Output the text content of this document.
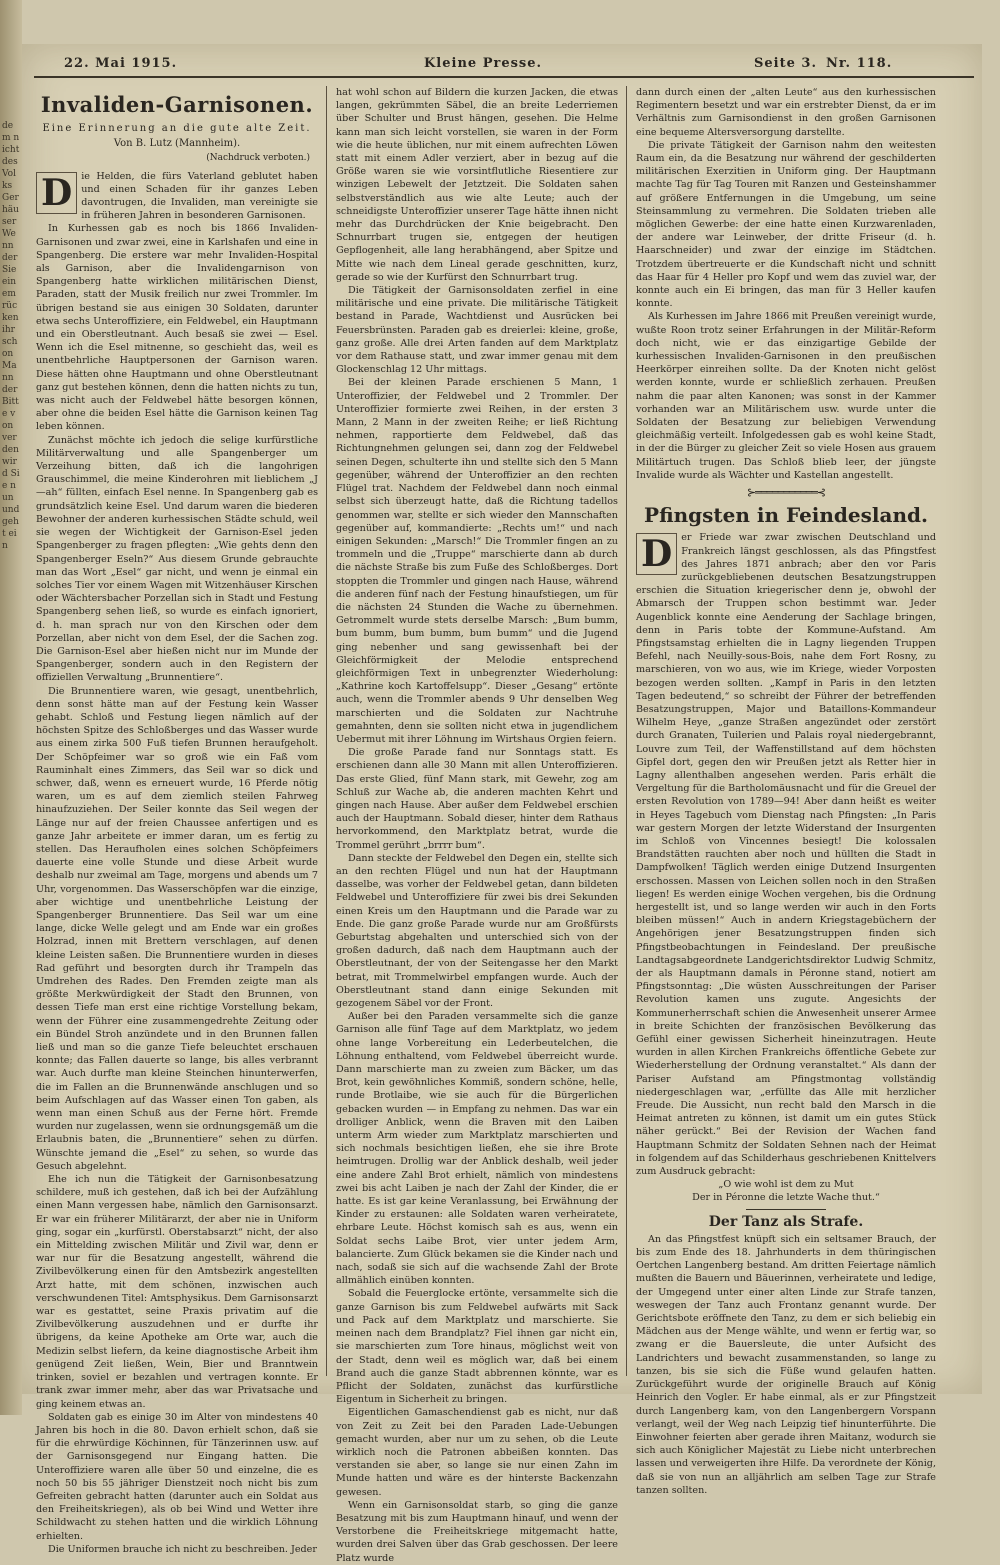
dem nicht des Volks Gerhäuser Wenn der Sie einem rücken ihr schon Mann der Bitte von verden wird Sie nun und geht ein
22. Mai 1915.	Kleine Presse.	Seite 3. Nr. 118.
Invaliden-Garnisonen.
Eine Erinnerung an die gute alte Zeit.
Von B. Lutz (Mannheim).
(Nachdruck verboten.)

D ie Helden, die fürs Vaterland geblutet haben und einen Schaden für ihr ganzes Leben davontrugen, die Invaliden, man vereinigte sie in früheren Jahren in besonderen Garnisonen.

In Kurhessen gab es noch bis 1866 Invaliden-Garnisonen und zwar zwei, eine in Karlshafen und eine in Spangenberg. Die erstere war mehr Invaliden-Hospital als Garnison, aber die Invalidengarnison von Spangenberg hatte wirklichen militärischen Dienst, Paraden, statt der Musik freilich nur zwei Trommler. Im übrigen bestand sie aus einigen 30 Soldaten, darunter etwa sechs Unteroffiziere, ein Feldwebel, ein Hauptmann und ein Oberstleutnant. Auch besaß sie zwei — Esel. Wenn ich die Esel mitnenne, so geschieht das, weil es unentbehrliche Hauptpersonen der Garnison waren. Diese hätten ohne Hauptmann und ohne Oberstleutnant ganz gut bestehen können, denn die hatten nichts zu tun, was nicht auch der Feldwebel hätte besorgen können, aber ohne die beiden Esel hätte die Garnison keinen Tag leben können.

Zunächst möchte ich jedoch die selige kurfürstliche Militärverwaltung und alle Spangenberger um Verzeihung bitten, daß ich die langohrigen Grauschimmel, die meine Kinderohren mit lieblichem „J—ah“ füllten, einfach Esel nenne. In Spangenberg gab es grundsätzlich keine Esel. Und darum waren die biederen Bewohner der anderen kurhessischen Städte schuld, weil sie wegen der Wichtigkeit der Garnison-Esel jeden Spangenberger zu fragen pflegten: „Wie gehts denn den Spangenberger Eseln?“ Aus diesem Grunde gebrauchte man das Wort „Esel“ gar nicht, und wenn je einmal ein solches Tier vor einem Wagen mit Witzenhäuser Kirschen oder Wächtersbacher Porzellan sich in Stadt und Festung Spangenberg sehen ließ, so wurde es einfach ignoriert, d. h. man sprach nur von den Kirschen oder dem Porzellan, aber nicht von dem Esel, der die Sachen zog. Die Garnison-Esel aber hießen nicht nur im Munde der Spangenberger, sondern auch in den Registern der offiziellen Verwaltung „Brunnentiere“.

Die Brunnentiere waren, wie gesagt, unentbehrlich, denn sonst hätte man auf der Festung kein Wasser gehabt. Schloß und Festung liegen nämlich auf der höchsten Spitze des Schloßberges und das Wasser wurde aus einem zirka 500 Fuß tiefen Brunnen heraufgeholt. Der Schöpfeimer war so groß wie ein Faß vom Rauminhalt eines Zimmers, das Seil war so dick und schwer, daß, wenn es erneuert wurde, 16 Pferde nötig waren, um es auf dem ziemlich steilen Fahrweg hinaufzuziehen. Der Seiler konnte das Seil wegen der Länge nur auf der freien Chaussee anfertigen und es ganze Jahr arbeitete er immer daran, um es fertig zu stellen. Das Heraufholen eines solchen Schöpfeimers dauerte eine volle Stunde und diese Arbeit wurde deshalb nur zweimal am Tage, morgens und abends um 7 Uhr, vorgenommen. Das Wasserschöpfen war die einzige, aber wichtige und unentbehrliche Leistung der Spangenberger Brunnentiere. Das Seil war um eine lange, dicke Welle gelegt und am Ende war ein großes Holzrad, innen mit Brettern verschlagen, auf denen kleine Leisten saßen. Die Brunnentiere wurden in dieses Rad geführt und besorgten durch ihr Trampeln das Umdrehen des Rades. Den Fremden zeigte man als größte Merkwürdigkeit der Stadt den Brunnen, von dessen Tiefe man erst eine richtige Vorstellung bekam, wenn der Führer eine zusammengedrehte Zeitung oder ein Bündel Stroh anzündete und in den Brunnen fallen ließ und man so die ganze Tiefe beleuchtet erschauen konnte; das Fallen dauerte so lange, bis alles verbrannt war. Auch durfte man kleine Steinchen hinunterwerfen, die im Fallen an die Brunnenwände anschlugen und so beim Aufschlagen auf das Wasser einen Ton gaben, als wenn man einen Schuß aus der Ferne hört. Fremde wurden nur zugelassen, wenn sie ordnungsgemäß um die Erlaubnis baten, die „Brunnentiere“ sehen zu dürfen. Wünschte jemand die „Esel“ zu sehen, so wurde das Gesuch abgelehnt.

Ehe ich nun die Tätigkeit der Garnisonbesatzung schildere, muß ich gestehen, daß ich bei der Aufzählung einen Mann vergessen habe, nämlich den Garnisonsarzt. Er war ein früherer Militärarzt, der aber nie in Uniform ging, sogar ein „kurfürstl. Oberstabsarzt“ nicht, der also ein Mittelding zwischen Militär und Zivil war, denn er war nur für die Besatzung angestellt, während die Zivilbevölkerung einen für den Amtsbezirk angestellten Arzt hatte, mit dem schönen, inzwischen auch verschwundenen Titel: Amtsphysikus. Dem Garnisonsarzt war es gestattet, seine Praxis privatim auf die Zivilbevölkerung auszudehnen und er durfte ihr übrigens, da keine Apotheke am Orte war, auch die Medizin selbst liefern, da keine diagnostische Arbeit ihm genügend Zeit ließen, Wein, Bier und Branntwein trinken, soviel er bezahlen und vertragen konnte. Er trank zwar immer mehr, aber das war Privatsache und ging keinem etwas an.

Soldaten gab es einige 30 im Alter von mindestens 40 Jahren bis hoch in die 80. Davon erhielt schon, daß sie für die ehrwürdige Köchinnen, für Tänzerinnen usw. auf der Garnisonsgegend nur Eingang hatten. Die Unteroffiziere waren alle über 50 und einzelne, die es noch 50 bis 55 jähriger Dienstzeit noch nicht bis zum Gefreiten gebracht hatten (darunter auch ein Soldat aus den Freiheitskriegen), als ob bei Wind und Wetter ihre Schildwacht zu stehen hatten und die wirklich Löhnung erhielten.

Die Uniformen brauche ich nicht zu beschreiben. Jeder

hat wohl schon auf Bildern die kurzen Jacken, die etwas langen, gekrümmten Säbel, die an breite Lederriemen über Schulter und Brust hängen, gesehen. Die Helme kann man sich leicht vorstellen, sie waren in der Form wie die heute üblichen, nur mit einem aufrechten Löwen statt mit einem Adler verziert, aber in bezug auf die Größe waren sie wie vorsintflutliche Riesentiere zur winzigen Lebewelt der Jetztzeit. Die Soldaten sahen selbstverständlich aus wie alte Leute; auch der schneidigste Unteroffizier unserer Tage hätte ihnen nicht mehr das Durchdrücken der Knie beigebracht. Den Schnurrbart trugen sie, entgegen der heutigen Gepflogenheit, alle lang herabhängend, aber Spitze und Mitte wie nach dem Lineal gerade geschnitten, kurz, gerade so wie der Kurfürst den Schnurrbart trug.

Die Tätigkeit der Garnisonsoldaten zerfiel in eine militärische und eine private. Die militärische Tätigkeit bestand in Parade, Wachtdienst und Ausrücken bei Feuersbrünsten. Paraden gab es dreierlei: kleine, große, ganz große. Alle drei Arten fanden auf dem Marktplatz vor dem Rathause statt, und zwar immer genau mit dem Glockenschlag 12 Uhr mittags.

Bei der kleinen Parade erschienen 5 Mann, 1 Unteroffizier, der Feldwebel und 2 Trommler. Der Unteroffizier formierte zwei Reihen, in der ersten 3 Mann, 2 Mann in der zweiten Reihe; er ließ Richtung nehmen, rapportierte dem Feldwebel, daß das Richtungnehmen gelungen sei, dann zog der Feldwebel seinen Degen, schulterte ihn und stellte sich den 5 Mann gegenüber, während der Unteroffizier an den rechten Flügel trat. Nachdem der Feldwebel dann noch einmal selbst sich überzeugt hatte, daß die Richtung tadellos genommen war, stellte er sich wieder den Mannschaften gegenüber auf, kommandierte: „Rechts um!“ und nach einigen Sekunden: „Marsch!“ Die Trommler fingen an zu trommeln und die „Truppe“ marschierte dann ab durch die nächste Straße bis zum Fuße des Schloßberges. Dort stoppten die Trommler und gingen nach Hause, während die anderen fünf nach der Festung hinaufstiegen, um für die nächsten 24 Stunden die Wache zu übernehmen. Getrommelt wurde stets derselbe Marsch: „Bum bumm, bum bumm, bum bumm, bum bumm“ und die Jugend ging nebenher und sang gewissenhaft bei der Gleichförmigkeit der Melodie entsprechend gleichförmigen Text in unbegrenzter Wiederholung: „Kathrine koch Kartoffelsupp“. Dieser „Gesang“ ertönte auch, wenn die Trommler abends 9 Uhr denselben Weg marschierten und die Soldaten zur Nachtruhe gemahnten, denn sie sollten nicht etwa in jugendlichem Uebermut mit ihrer Löhnung im Wirtshaus Orgien feiern.

Die große Parade fand nur Sonntags statt. Es erschienen dann alle 30 Mann mit allen Unteroffizieren. Das erste Glied, fünf Mann stark, mit Gewehr, zog am Schluß zur Wache ab, die anderen machten Kehrt und gingen nach Hause. Aber außer dem Feldwebel erschien auch der Hauptmann. Sobald dieser, hinter dem Rathaus hervorkommend, den Marktplatz betrat, wurde die Trommel gerührt „brrrr bum“.

Dann steckte der Feldwebel den Degen ein, stellte sich an den rechten Flügel und nun hat der Hauptmann dasselbe, was vorher der Feldwebel getan, dann bildeten Feldwebel und Unteroffiziere für zwei bis drei Sekunden einen Kreis um den Hauptmann und die Parade war zu Ende. Die ganz große Parade wurde nur am Großfürsts Geburtstag abgehalten und unterschied sich von der großen dadurch, daß nach dem Hauptmann auch der Oberstleutnant, der von der Seitengasse her den Markt betrat, mit Trommelwirbel empfangen wurde. Auch der Oberstleutnant stand dann einige Sekunden mit gezogenem Säbel vor der Front.

Außer bei den Paraden versammelte sich die ganze Garnison alle fünf Tage auf dem Marktplatz, wo jedem ohne lange Vorbereitung ein Lederbeutelchen, die Löhnung enthaltend, vom Feldwebel überreicht wurde. Dann marschierte man zu zweien zum Bäcker, um das Brot, kein gewöhnliches Kommiß, sondern schöne, helle, runde Brotlaibe, wie sie auch für die Bürgerlichen gebacken wurden — in Empfang zu nehmen. Das war ein drolliger Anblick, wenn die Braven mit den Laiben unterm Arm wieder zum Marktplatz marschierten und sich nochmals besichtigen ließen, ehe sie ihre Brote heimtrugen. Drollig war der Anblick deshalb, weil jeder eine andere Zahl Brot erhielt, nämlich von mindestens zwei bis acht Laiben je nach der Zahl der Kinder, die er hatte. Es ist gar keine Veranlassung, bei Erwähnung der Kinder zu erstaunen: alle Soldaten waren verheiratete, ehrbare Leute. Höchst komisch sah es aus, wenn ein Soldat sechs Laibe Brot, vier unter jedem Arm, balancierte. Zum Glück bekamen sie die Kinder nach und nach, sodaß sie sich auf die wachsende Zahl der Brote allmählich einüben konnten.

Sobald die Feuerglocke ertönte, versammelte sich die ganze Garnison bis zum Feldwebel aufwärts mit Sack und Pack auf dem Marktplatz und marschierte. Sie meinen nach dem Brandplatz? Fiel ihnen gar nicht ein, sie marschierten zum Tore hinaus, möglichst weit von der Stadt, denn weil es möglich war, daß bei einem Brand auch die ganze Stadt abbrennen könnte, war es Pflicht der Soldaten, zunächst das kurfürstliche Eigentum in Sicherheit zu bringen.

Eigentlichen Gamaschendienst gab es nicht, nur daß von Zeit zu Zeit bei den Paraden Lade-Uebungen gemacht wurden, aber nur um zu sehen, ob die Leute wirklich noch die Patronen abbeißen konnten. Das verstanden sie aber, so lange sie nur einen Zahn im Munde hatten und wäre es der hinterste Backenzahn gewesen.

Wenn ein Garnisonsoldat starb, so ging die ganze Besatzung mit bis zum Hauptmann hinauf, und wenn der Verstorbene die Freiheitskriege mitgemacht hatte, wurden drei Salven über das Grab geschossen. Der leere Platz wurde

dann durch einen der „alten Leute“ aus den kurhessischen Regimentern besetzt und war ein erstrebter Dienst, da er im Verhältnis zum Garnisondienst in den großen Garnisonen eine bequeme Altersversorgung darstellte.

Die private Tätigkeit der Garnison nahm den weitesten Raum ein, da die Besatzung nur während der geschilderten militärischen Exerzitien in Uniform ging. Der Hauptmann machte Tag für Tag Touren mit Ranzen und Gesteinshammer auf größere Entfernungen in die Umgebung, um seine Steinsammlung zu vermehren. Die Soldaten trieben alle möglichen Gewerbe: der eine hatte einen Kurzwarenladen, der andere war Leinweber, der dritte Friseur (d. h. Haarschneider) und zwar der einzige im Städtchen. Trotzdem übertreuerte er die Kundschaft nicht und schnitt das Haar für 4 Heller pro Kopf und wem das zuviel war, der konnte auch ein Ei bringen, das man für 3 Heller kaufen konnte.

Als Kurhessen im Jahre 1866 mit Preußen vereinigt wurde, wußte Roon trotz seiner Erfahrungen in der Militär-Reform doch nicht, wie er das einzigartige Gebilde der kurhessischen Invaliden-Garnisonen in den preußischen Heerkörper einreihen sollte. Da der Knoten nicht gelöst werden konnte, wurde er schließlich zerhauen. Preußen nahm die paar alten Kanonen; was sonst in der Kammer vorhanden war an Militärischem usw. wurde unter die Soldaten der Besatzung zur beliebigen Verwendung gleichmäßig verteilt. Infolgedessen gab es wohl keine Stadt, in der die Bürger zu gleicher Zeit so viele Hosen aus grauem Militärtuch trugen. Das Schloß blieb leer, der jüngste Invalide wurde als Wächter und Kastellan angestellt.

⊱═══════════⊰
Pfingsten in Feindesland.

D er Friede war zwar zwischen Deutschland und Frankreich längst geschlossen, als das Pfingstfest des Jahres 1871 anbrach; aber den vor Paris zurückgebliebenen deutschen Besatzungstruppen erschien die Situation kriegerischer denn je, obwohl der Abmarsch der Truppen schon bestimmt war. Jeder Augenblick konnte eine Aenderung der Sachlage bringen, denn in Paris tobte der Kommune-Aufstand. Am Pfingstsamstag erhielten die in Lagny liegenden Truppen Befehl, nach Neuilly-sous-Bois, nahe dem Fort Rosny, zu marschieren, von wo aus, wie im Kriege, wieder Vorposten bezogen werden sollten. „Kampf in Paris in den letzten Tagen bedeutend,“ so schreibt der Führer der betreffenden Besatzungstruppen, Major und Bataillons-Kommandeur Wilhelm Heye, „ganze Straßen angezündet oder zerstört durch Granaten, Tuilerien und Palais royal niedergebrannt, Louvre zum Teil, der Waffenstillstand auf dem höchsten Gipfel dort, gegen den wir Preußen jetzt als Retter hier in Lagny allenthalben angesehen werden. Paris erhält die Vergeltung für die Bartholomäusnacht und für die Greuel der ersten Revolution von 1789—94! Aber dann heißt es weiter in Heyes Tagebuch vom Dienstag nach Pfingsten: „In Paris war gestern Morgen der letzte Widerstand der Insurgenten im Schloß von Vincennes besiegt! Die kolossalen Brandstätten rauchten aber noch und hüllten die Stadt in Dampfwolken! Täglich werden einige Dutzend Insurgenten erschossen. Massen von Leichen sollen noch in den Straßen liegen! Es werden einige Wochen vergehen, bis die Ordnung hergestellt ist, und so lange werden wir auch in den Forts bleiben müssen!“ Auch in andern Kriegstagebüchern der Angehörigen jener Besatzungstruppen finden sich Pfingstbeobachtungen in Feindesland. Der preußische Landtagsabgeordnete Landgerichtsdirektor Ludwig Schmitz, der als Hauptmann damals in Péronne stand, notiert am Pfingstsonntag: „Die wüsten Ausschreitungen der Pariser Revolution kamen uns zugute. Angesichts der Kommunerherrschaft schien die Anwesenheit unserer Armee in breite Schichten der französischen Bevölkerung das Gefühl einer gewissen Sicherheit hineinzutragen. Heute wurden in allen Kirchen Frankreichs öffentliche Gebete zur Wiederherstellung der Ordnung veranstaltet.“ Als dann der Pariser Aufstand am Pfingstmontag vollständig niedergeschlagen war, „erfüllte das Alle mit herzlicher Freude. Die Aussicht, nun recht bald den Marsch in die Heimat antreten zu können, ist damit um ein gutes Stück näher gerückt.“ Bei der Revision der Wachen fand Hauptmann Schmitz der Soldaten Sehnen nach der Heimat in folgendem auf das Schilderhaus geschriebenen Knittelvers zum Ausdruck gebracht:

„O wie wohl ist dem zu Mut

Der in Péronne die letzte Wache thut.“

Der Tanz als Strafe.

An das Pfingstfest knüpft sich ein seltsamer Brauch, der bis zum Ende des 18. Jahrhunderts in dem thüringischen Oertchen Langenberg bestand. Am dritten Feiertage nämlich mußten die Bauern und Bäuerinnen, verheiratete und ledige, der Umgegend unter einer alten Linde zur Strafe tanzen, weswegen der Tanz auch Frontanz genannt wurde. Der Gerichtsbote eröffnete den Tanz, zu dem er sich beliebig ein Mädchen aus der Menge wählte, und wenn er fertig war, so zwang er die Bauersleute, die unter Aufsicht des Landrichters und bewacht zusammenstanden, so lange zu tanzen, bis sie sich die Füße wund gelaufen hatten. Zurückgeführt wurde der originelle Brauch auf König Heinrich den Vogler. Er habe einmal, als er zur Pfingstzeit durch Langenberg kam, von den Langenbergern Vorspann verlangt, weil der Weg nach Leipzig tief hinunterführte. Die Einwohner feierten aber gerade ihren Maitanz, wodurch sie sich auch Königlicher Majestät zu Liebe nicht unterbrechen lassen und verweigerten ihre Hilfe. Da verordnete der König, daß sie von nun an alljährlich am selben Tage zur Strafe tanzen sollten.
